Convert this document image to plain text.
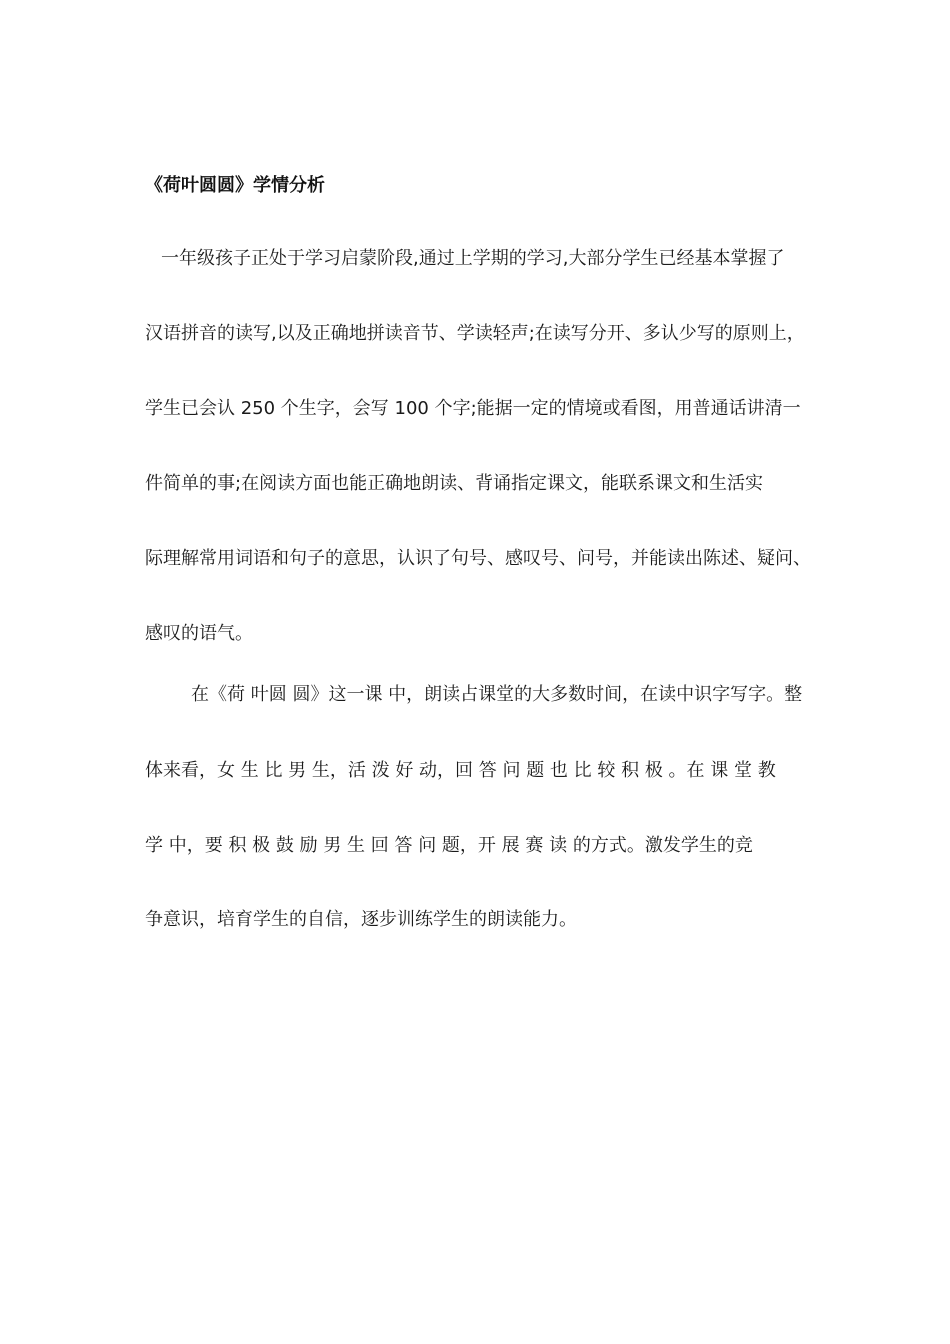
《荷叶圆圆》学情分析
一年级孩子正处于学习启蒙阶段,通过上学期的学习,大部分学生已经基本掌握了
汉语拼音的读写,以及正确地拼读音节、学读轻声;在读写分开、多认少写的原则上，
学生已会认 250 个生字，会写 100 个字;能据一定的情境或看图，用普通话讲清一
件简单的事;在阅读方面也能正确地朗读、背诵指定课文，能联系课文和生活实
际理解常用词语和句子的意思，认识了句号、感叹号、问号，并能读出陈述、疑问、
感叹的语气。
在《荷 叶圆 圆》这一课 中，朗读占课堂的大多数时间，在读中识字写字。整
体来看，女 生 比 男 生，活 泼 好 动，回 答 问 题 也 比 较 积 极 。在 课 堂 教
学 中，要 积 极 鼓 励 男 生 回 答 问 题，开 展 赛 读 的方式。激发学生的竞
争意识，培育学生的自信，逐步训练学生的朗读能力。
